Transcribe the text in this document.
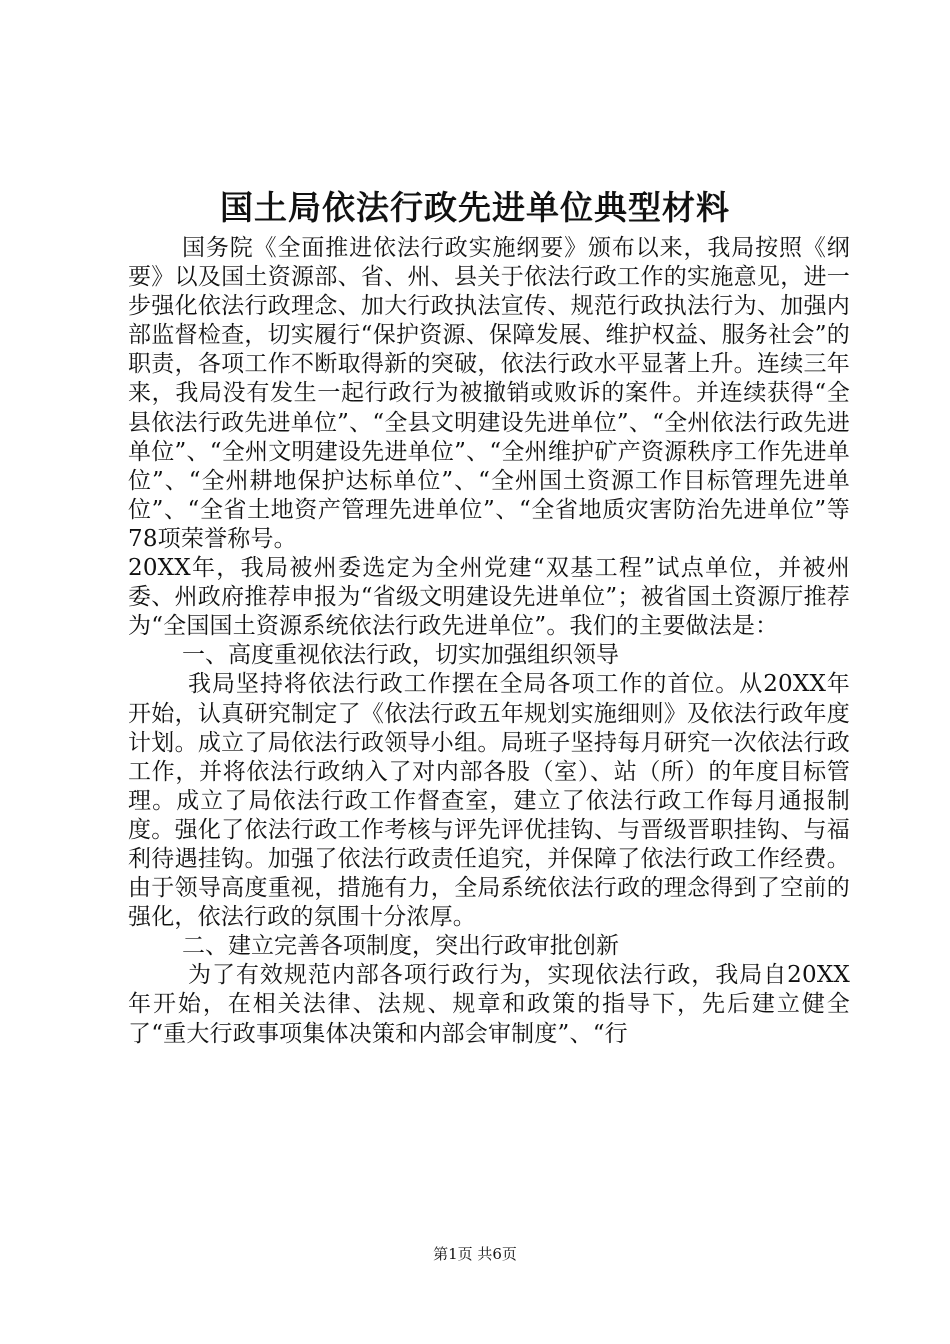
国土局依法行政先进单位典型材料

国务院《全面推进依法行政实施纲要》颁布以来，我局按照《纲要》以及国土资源部、省、州、县关于依法行政工作的实施意见，进一步强化依法行政理念、加大行政执法宣传、规范行政执法行为、加强内部监督检查，切实履行“保护资源、保障发展、维护权益、服务社会”的职责，各项工作不断取得新的突破，依法行政水平显著上升。连续三年来，我局没有发生一起行政行为被撤销或败诉的案件。并连续获得“全县依法行政先进单位”、“全县文明建设先进单位”、“全州依法行政先进单位”、“全州文明建设先进单位”、“全州维护矿产资源秩序工作先进单位”、“全州耕地保护达标单位”、“全州国土资源工作目标管理先进单位”、“全省土地资产管理先进单位”、“全省地质灾害防治先进单位”等78项荣誉称号。

20XX年，我局被州委选定为全州党建“双基工程”试点单位，并被州委、州政府推荐申报为“省级文明建设先进单位”；被省国土资源厅推荐为“全国国土资源系统依法行政先进单位”。我们的主要做法是：

一、高度重视依法行政，切实加强组织领导

我局坚持将依法行政工作摆在全局各项工作的首位。从20XX年开始，认真研究制定了《依法行政五年规划实施细则》及依法行政年度计划。成立了局依法行政领导小组。局班子坚持每月研究一次依法行政工作，并将依法行政纳入了对内部各股（室）、站（所）的年度目标管理。成立了局依法行政工作督查室，建立了依法行政工作每月通报制度。强化了依法行政工作考核与评先评优挂钩、与晋级晋职挂钩、与福利待遇挂钩。加强了依法行政责任追究，并保障了依法行政工作经费。由于领导高度重视，措施有力，全局系统依法行政的理念得到了空前的强化，依法行政的氛围十分浓厚。

二、建立完善各项制度，突出行政审批创新

为了有效规范内部各项行政行为，实现依法行政，我局自20XX年开始，在相关法律、法规、规章和政策的指导下，先后建立健全了“重大行政事项集体决策和内部会审制度”、“行

第1页 共6页
